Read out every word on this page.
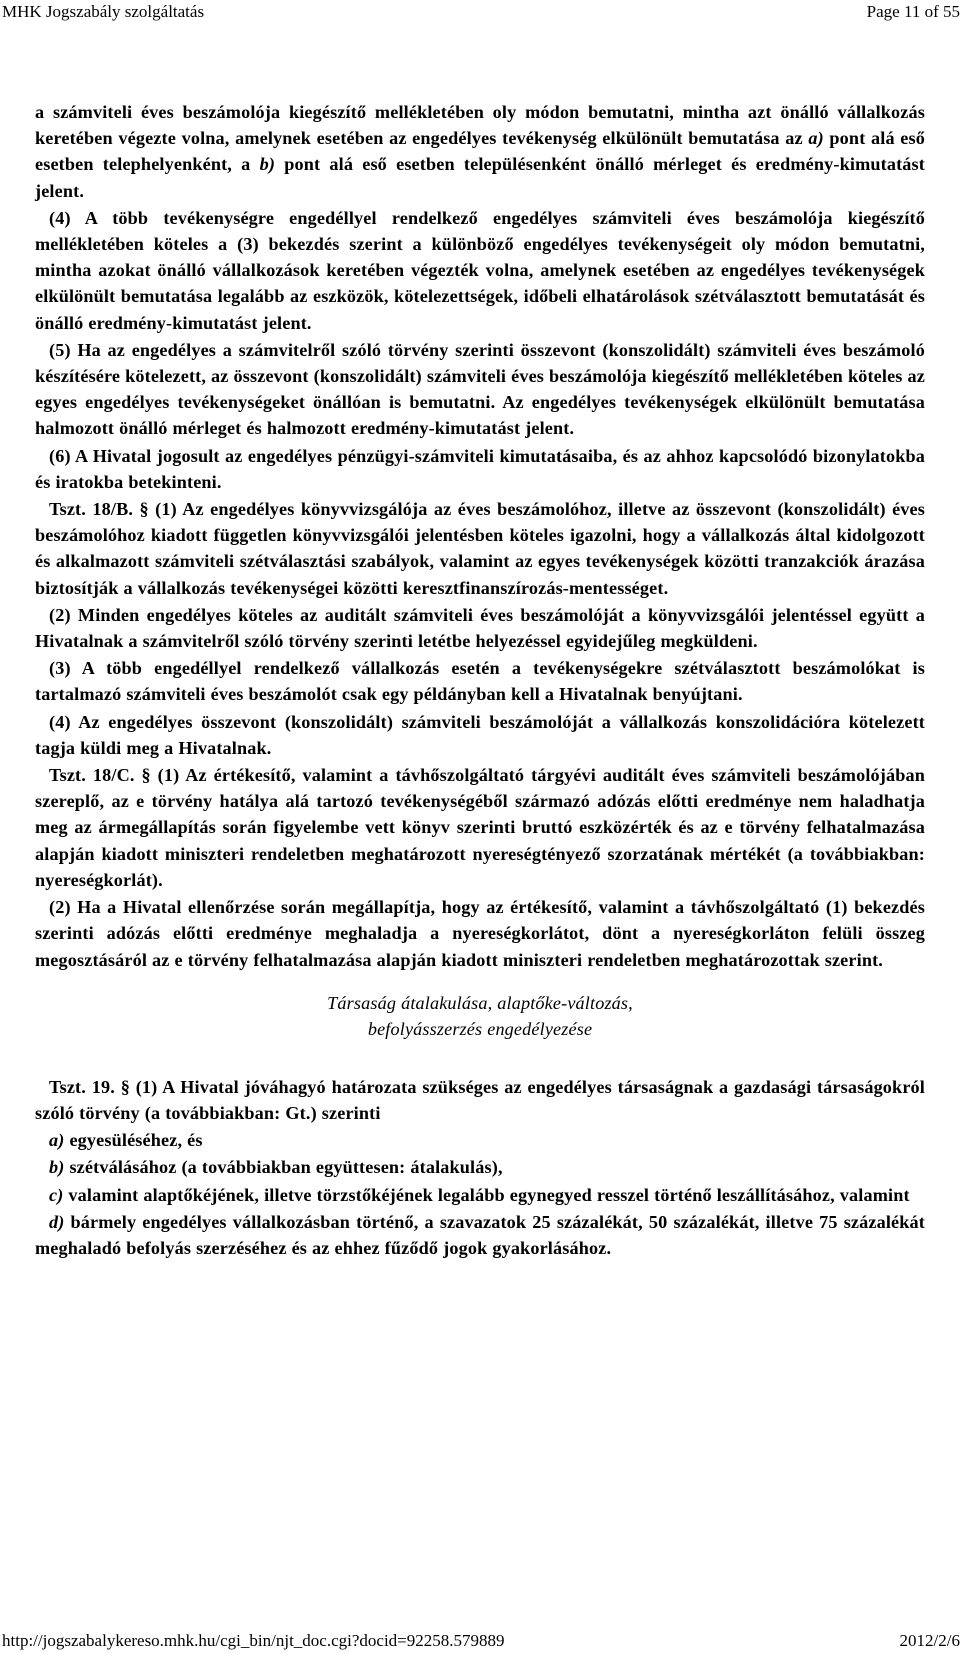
MHK Jogszabály szolgáltatás	Page 11 of 55

a számviteli éves beszámolója kiegészítő mellékletében oly módon bemutatni, mintha azt önálló vállalkozás keretében végezte volna, amelynek esetében az engedélyes tevékenység elkülönült bemutatása az a) pont alá eső esetben telephelyenként, a b) pont alá eső esetben településenként önálló mérleget és eredmény-kimutatást jelent.

(4) A több tevékenységre engedéllyel rendelkező engedélyes számviteli éves beszámolója kiegészítő mellékletében köteles a (3) bekezdés szerint a különböző engedélyes tevékenységeit oly módon bemutatni, mintha azokat önálló vállalkozások keretében végezték volna, amelynek esetében az engedélyes tevékenységek elkülönült bemutatása legalább az eszközök, kötelezettségek, időbeli elhatárolások szétválasztott bemutatását és önálló eredmény-kimutatást jelent.

(5) Ha az engedélyes a számvitelről szóló törvény szerinti összevont (konszolidált) számviteli éves beszámoló készítésére kötelezett, az összevont (konszolidált) számviteli éves beszámolója kiegészítő mellékletében köteles az egyes engedélyes tevékenységeket önállóan is bemutatni. Az engedélyes tevékenységek elkülönült bemutatása halmozott önálló mérleget és halmozott eredmény-kimutatást jelent.

(6) A Hivatal jogosult az engedélyes pénzügyi-számviteli kimutatásaiba, és az ahhoz kapcsolódó bizonylatokba és iratokba betekinteni.

Tszt. 18/B. § (1) Az engedélyes könyvvizsgálója az éves beszámolóhoz, illetve az összevont (konszolidált) éves beszámolóhoz kiadott független könyvvizsgálói jelentésben köteles igazolni, hogy a vállalkozás által kidolgozott és alkalmazott számviteli szétválasztási szabályok, valamint az egyes tevékenységek közötti tranzakciók árazása biztosítják a vállalkozás tevékenységei közötti keresztfinanszírozás-mentességet.

(2) Minden engedélyes köteles az auditált számviteli éves beszámolóját a könyvvizsgálói jelentéssel együtt a Hivatalnak a számvitelről szóló törvény szerinti letétbe helyezéssel egyidejűleg megküldeni.

(3) A több engedéllyel rendelkező vállalkozás esetén a tevékenységekre szétválasztott beszámolókat is tartalmazó számviteli éves beszámolót csak egy példányban kell a Hivatalnak benyújtani.

(4) Az engedélyes összevont (konszolidált) számviteli beszámolóját a vállalkozás konszolidációra kötelezett tagja küldi meg a Hivatalnak.

Tszt. 18/C. § (1) Az értékesítő, valamint a távhőszolgáltató tárgyévi auditált éves számviteli beszámolójában szereplő, az e törvény hatálya alá tartozó tevékenységéből származó adózás előtti eredménye nem haladhatja meg az ármegállapítás során figyelembe vett könyv szerinti bruttó eszközérték és az e törvény felhatalmazása alapján kiadott miniszteri rendeletben meghatározott nyereségtényező szorzatának mértékét (a továbbiakban: nyereségkorlát).

(2) Ha a Hivatal ellenőrzése során megállapítja, hogy az értékesítő, valamint a távhőszolgáltató (1) bekezdés szerinti adózás előtti eredménye meghaladja a nyereségkorlátot, dönt a nyereségkorláton felüli összeg megosztásáról az e törvény felhatalmazása alapján kiadott miniszteri rendeletben meghatározottak szerint.

Társaság átalakulása, alaptőke-változás,
befolyásszerzés engedélyezése

Tszt. 19. § (1) A Hivatal jóváhagyó határozata szükséges az engedélyes társaságnak a gazdasági társaságokról szóló törvény (a továbbiakban: Gt.) szerinti

a) egyesüléséhez, és

b) szétválásához (a továbbiakban együttesen: átalakulás),

c) valamint alaptőkéjének, illetve törzstőkéjének legalább egynegyed resszel történő leszállításához, valamint

d) bármely engedélyes vállalkozásban történő, a szavazatok 25 százalékát, 50 százalékát, illetve 75 százalékát meghaladó befolyás szerzéséhez és az ehhez fűződő jogok gyakorlásához.

http://jogszabalykereso.mhk.hu/cgi_bin/njt_doc.cgi?docid=92258.579889	2012/2/6
